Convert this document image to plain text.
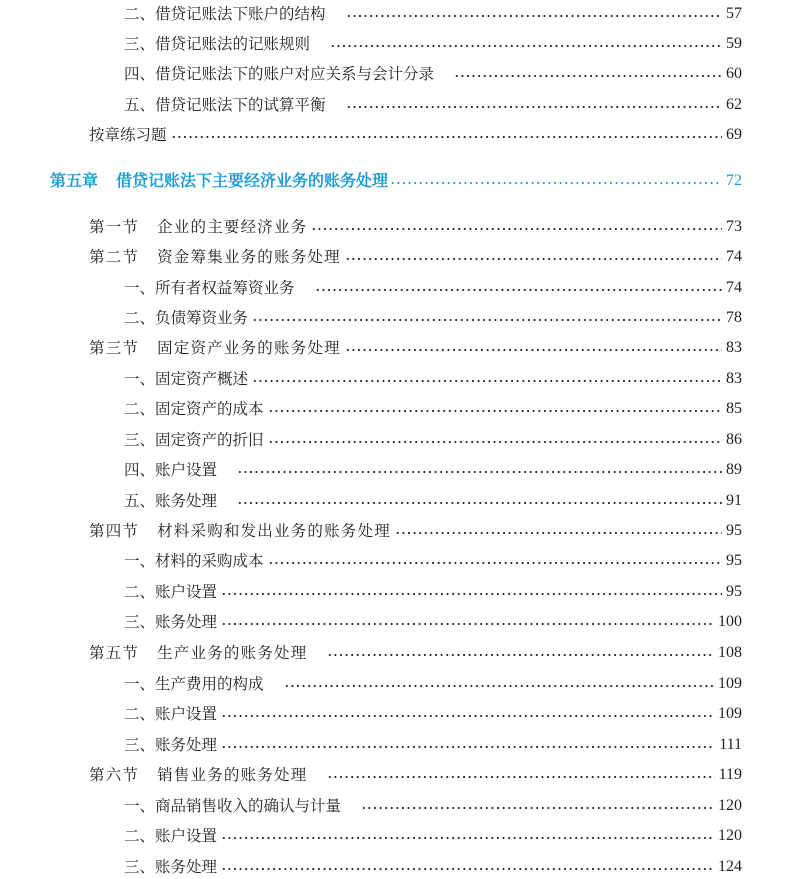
二、借贷记账法下账户的结构	57
三、借贷记账法的记账规则	59
四、借贷记账法下的账户对应关系与会计分录	60
五、借贷记账法下的试算平衡	62
按章练习题	69
第五章 借贷记账法下主要经济业务的账务处理	72
第一节 企业的主要经济业务	73
第二节 资金筹集业务的账务处理	74
一、所有者权益筹资业务	74
二、负债筹资业务	78
第三节 固定资产业务的账务处理	83
一、固定资产概述	83
二、固定资产的成本	85
三、固定资产的折旧	86
四、账户设置	89
五、账务处理	91
第四节 材料采购和发出业务的账务处理	95
一、材料的采购成本	95
二、账户设置	95
三、账务处理	100
第五节 生产业务的账务处理	108
一、生产费用的构成	109
二、账户设置	109
三、账务处理	111
第六节 销售业务的账务处理	119
一、商品销售收入的确认与计量	120
二、账户设置	120
三、账务处理	124
